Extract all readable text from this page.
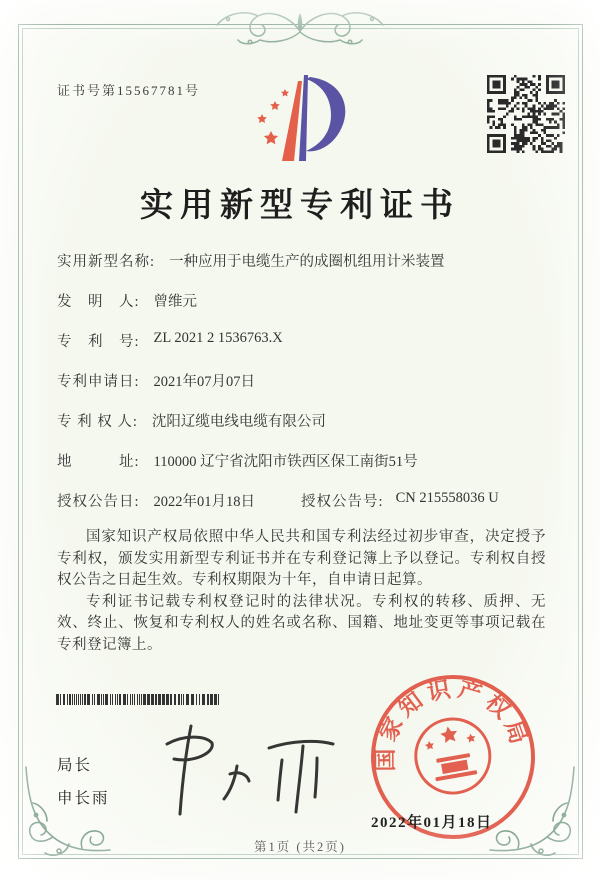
证书号第15567781号
实用新型专利证书
实用新型名称: 一种应用于电缆生产的成圈机组用计米装置
发　明　人: 曾维元
专　利　号: ZL 2021 2 1536763.X
专利申请日: 2021年07月07日
专 利 权 人: 沈阳辽缆电线电缆有限公司
地　　　址: 110000 辽宁省沈阳市铁西区保工南街51号
授权公告日: 2022年01月18日	授权公告号: CN 215558036 U

国家知识产权局依照中华人民共和国专利法经过初步审查，决定授予专利权，颁发实用新型专利证书并在专利登记簿上予以登记。专利权自授权公告之日起生效。专利权期限为十年，自申请日起算。

专利证书记载专利权登记时的法律状况。专利权的转移、质押、无效、终止、恢复和专利权人的姓名或名称、国籍、地址变更等事项记载在专利登记簿上。

局长
申长雨
国家知识产权局
2022年01月18日
第1页 (共2页)
